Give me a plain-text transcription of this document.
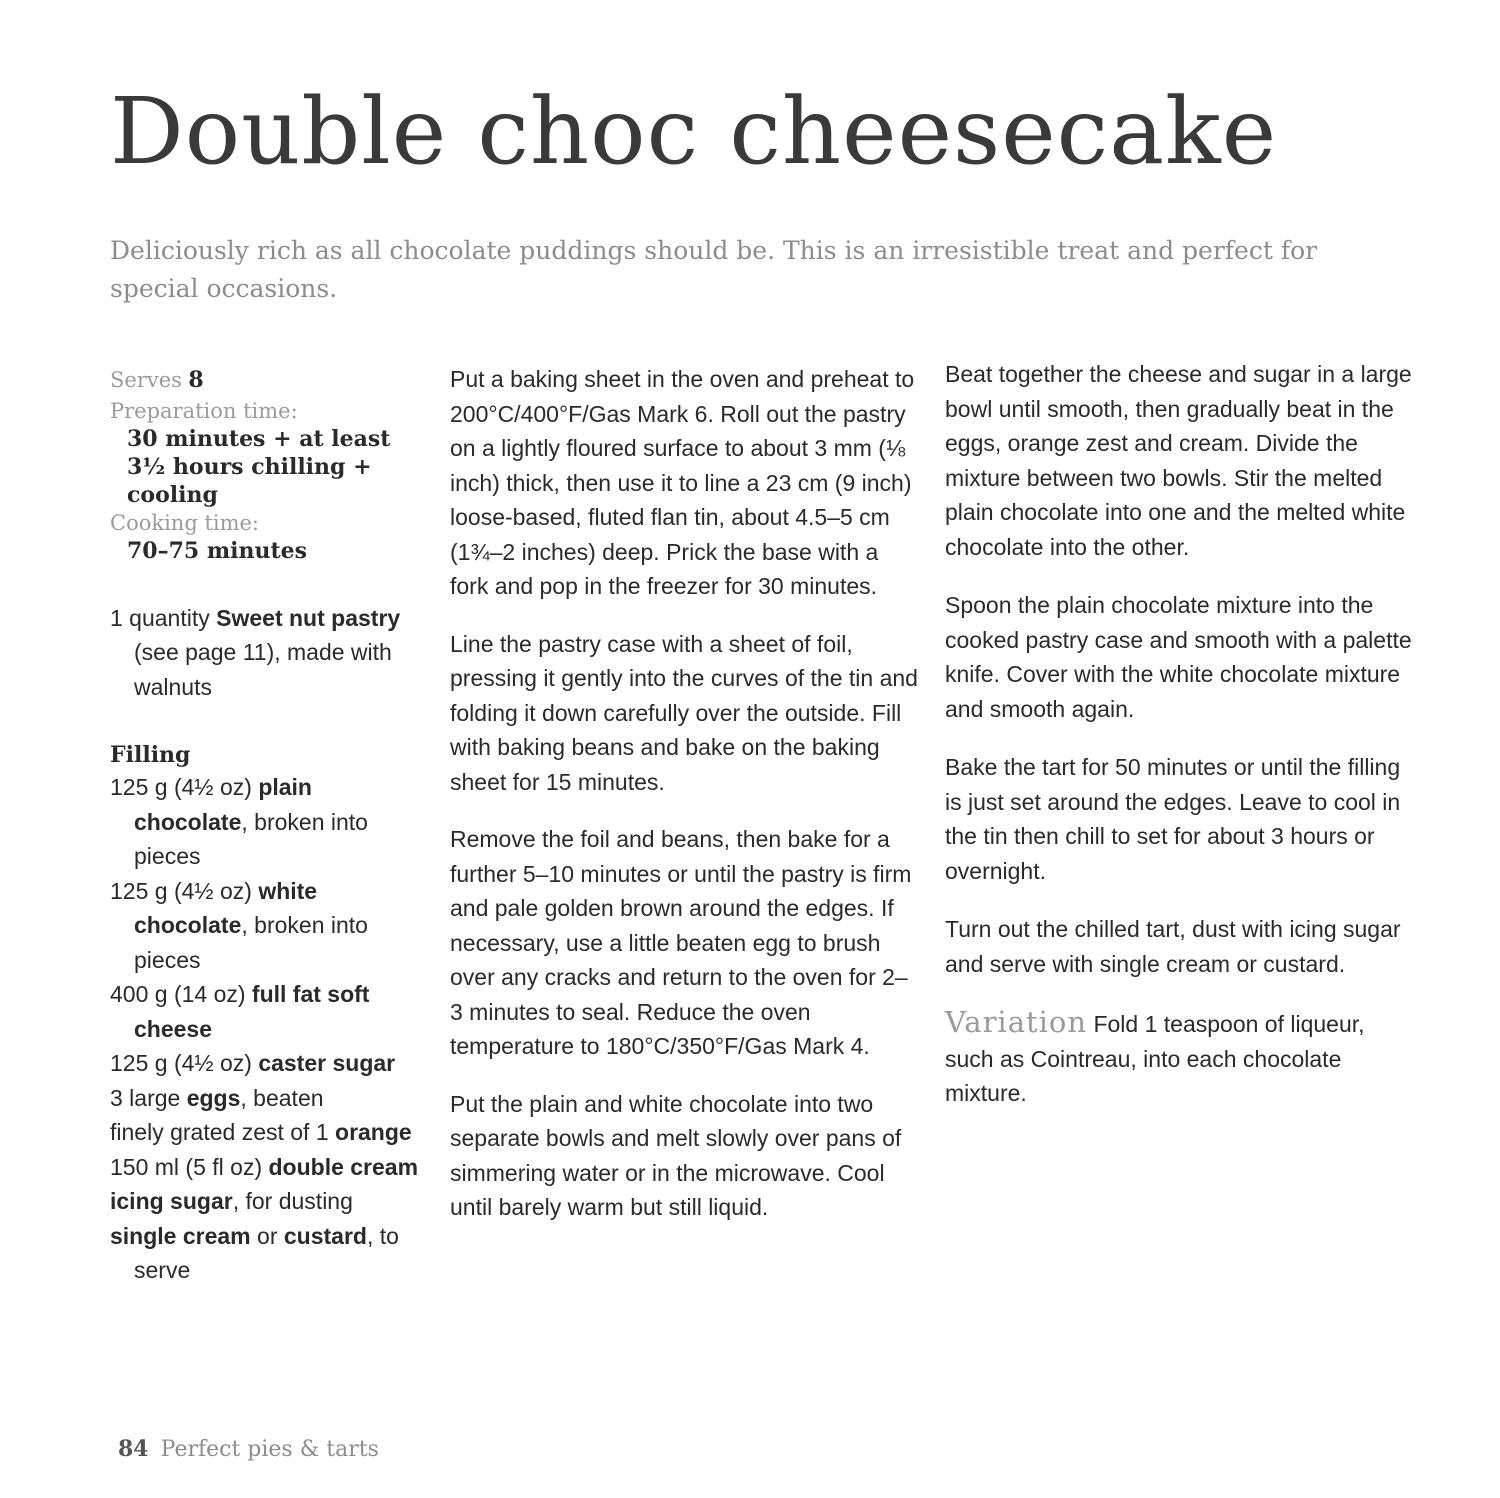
Double choc cheesecake

Deliciously rich as all chocolate puddings should be. This is an irresistible treat and perfect for special occasions.

Serves 8
Preparation time:
30 minutes + at least 3½ hours chilling + cooling
Cooking time:
70–75 minutes

1 quantity Sweet nut pastry (see page 11), made with walnuts

Filling

125 g (4½ oz) plain chocolate, broken into pieces

125 g (4½ oz) white chocolate, broken into pieces

400 g (14 oz) full fat soft cheese

125 g (4½ oz) caster sugar

3 large eggs, beaten

finely grated zest of 1 orange

150 ml (5 fl oz) double cream

icing sugar, for dusting

single cream or custard, to serve

Put a baking sheet in the oven and preheat to 200°C/400°F/Gas Mark 6. Roll out the pastry on a lightly floured surface to about 3 mm (⅛ inch) thick, then use it to line a 23 cm (9 inch) loose-based, fluted flan tin, about 4.5–5 cm (1¾–2 inches) deep. Prick the base with a fork and pop in the freezer for 30 minutes.

Line the pastry case with a sheet of foil, pressing it gently into the curves of the tin and folding it down carefully over the outside. Fill with baking beans and bake on the baking sheet for 15 minutes.

Remove the foil and beans, then bake for a further 5–10 minutes or until the pastry is firm and pale golden brown around the edges. If necessary, use a little beaten egg to brush over any cracks and return to the oven for 2–3 minutes to seal. Reduce the oven temperature to 180°C/350°F/Gas Mark 4.

Put the plain and white chocolate into two separate bowls and melt slowly over pans of simmering water or in the microwave. Cool until barely warm but still liquid.

Beat together the cheese and sugar in a large bowl until smooth, then gradually beat in the eggs, orange zest and cream. Divide the mixture between two bowls. Stir the melted plain chocolate into one and the melted white chocolate into the other.

Spoon the plain chocolate mixture into the cooked pastry case and smooth with a palette knife. Cover with the white chocolate mixture and smooth again.

Bake the tart for 50 minutes or until the filling is just set around the edges. Leave to cool in the tin then chill to set for about 3 hours or overnight.

Turn out the chilled tart, dust with icing sugar and serve with single cream or custard.

Variation Fold 1 teaspoon of liqueur, such as Cointreau, into each chocolate mixture.

84 Perfect pies & tarts
